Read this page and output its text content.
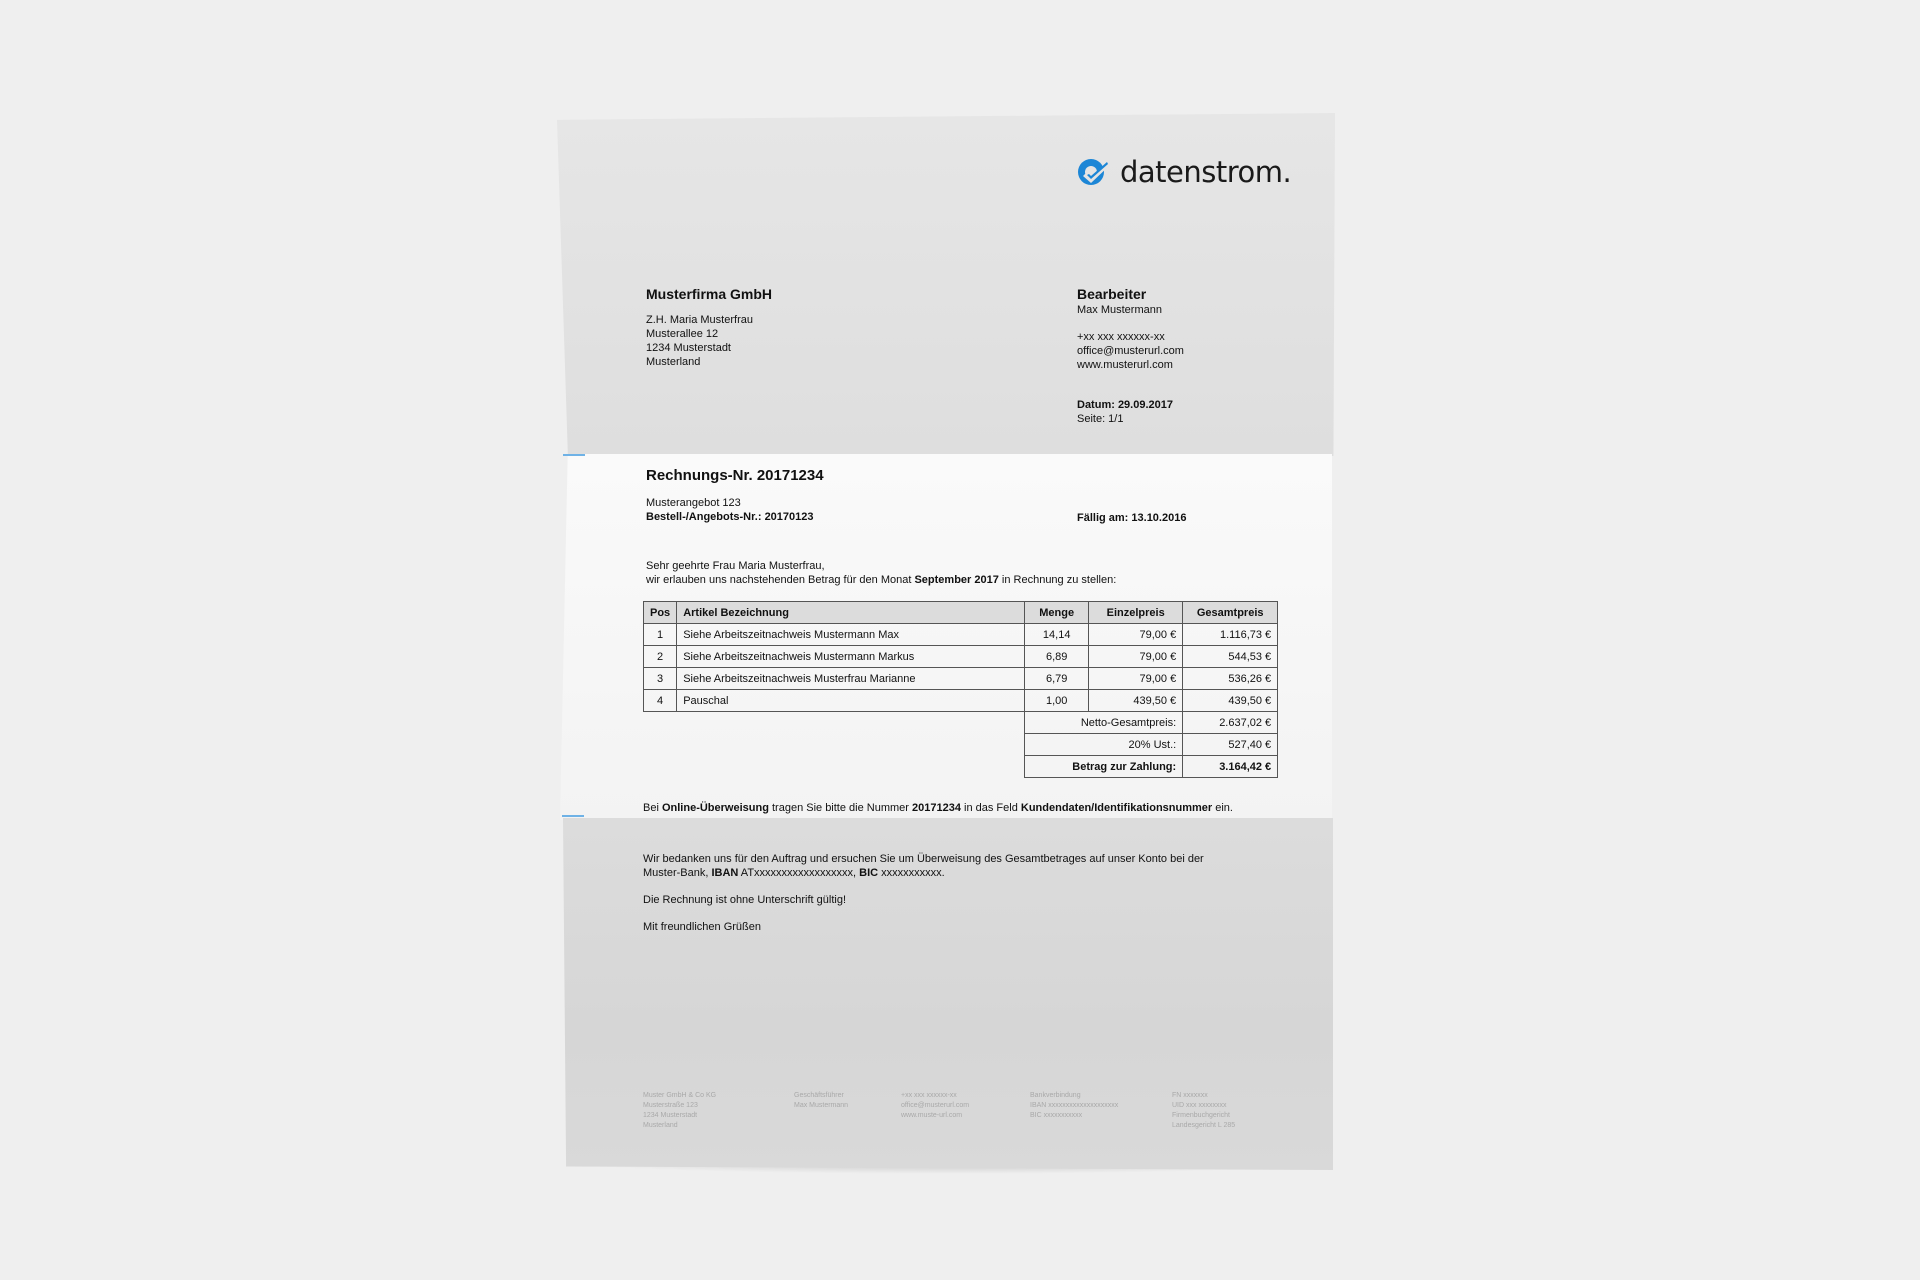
datenstrom.
Musterfirma GmbH
Z.H. Maria Musterfrau
Musterallee 12
1234 Musterstadt
Musterland
Bearbeiter
Max Mustermann
+xx xxx xxxxxx-xx
office@musterurl.com
www.musterurl.com
Datum: 29.09.2017
Seite: 1/1
Rechnungs-Nr. 20171234
Musterangebot 123
Bestell-/Angebots-Nr.: 20170123	Fällig am: 13.10.2016
Sehr geehrte Frau Maria Musterfrau,
wir erlauben uns nachstehenden Betrag für den Monat September 2017 in Rechnung zu stellen:
Pos	Artikel Bezeichnung	Menge	Einzelpreis	Gesamtpreis
1	Siehe Arbeitszeitnachweis Mustermann Max	14,14	79,00 €	1.116,73 €
2	Siehe Arbeitszeitnachweis Mustermann Markus	6,89	79,00 €	544,53 €
3	Siehe Arbeitszeitnachweis Musterfrau Marianne	6,79	79,00 €	536,26 €
4	Pauschal	1,00	439,50 €	439,50 €
		Netto-Gesamtpreis:		2.637,02 €
		20% Ust.:		527,40 €
		Betrag zur Zahlung:		3.164,42 €
Bei Online-Überweisung tragen Sie bitte die Nummer 20171234 in das Feld Kundendaten/Identifikationsnummer ein.
Wir bedanken uns für den Auftrag und ersuchen Sie um Überweisung des Gesamtbetrages auf unser Konto bei der
Muster-Bank, IBAN ATxxxxxxxxxxxxxxxxxx, BIC xxxxxxxxxxx.
Die Rechnung ist ohne Unterschrift gültig!
Mit freundlichen Grüßen
Muster GmbH & Co KG
Musterstraße 123
1234 Musterstadt
Musterland
Geschäftsführer
Max Mustermann
+xx xxx xxxxxx-xx
office@musterurl.com
www.muste-url.com
Bankverbindung
IBAN xxxxxxxxxxxxxxxxxxxx
BIC xxxxxxxxxxx
FN xxxxxxx
UID xxx xxxxxxxx
Firmenbuchgericht
Landesgericht L 285
